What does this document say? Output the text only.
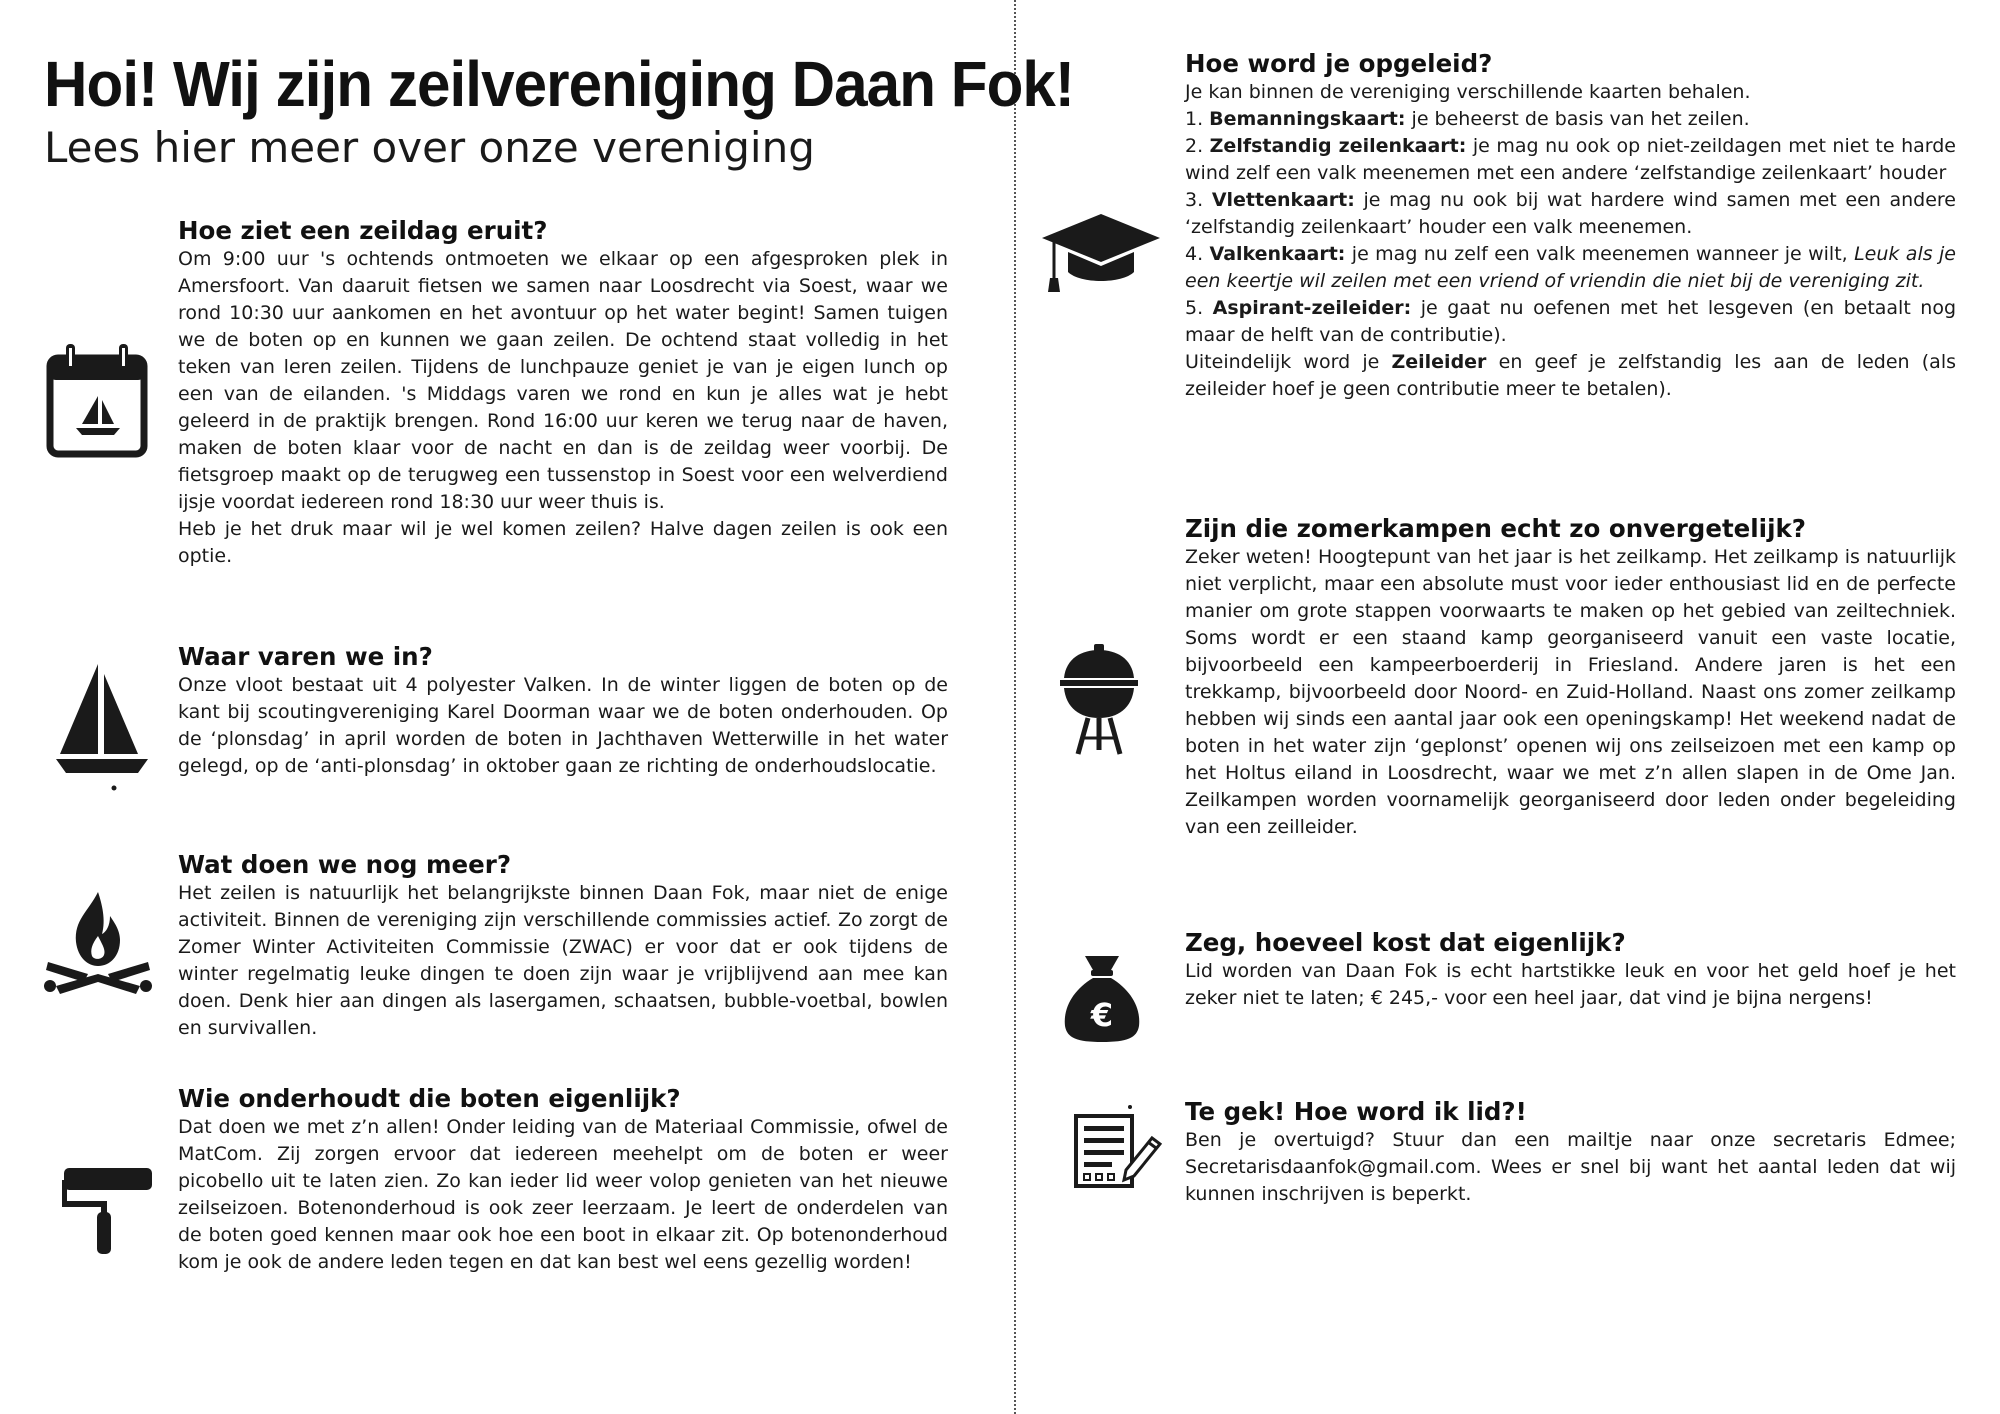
Hoi! Wij zijn zeilvereniging Daan Fok!
Lees hier meer over onze vereniging
Hoe ziet een zeildag eruit?

Om 9:00 uur 's ochtends ontmoeten we elkaar op een afgesproken plek in Amersfoort. Van daaruit fietsen we samen naar Loosdrecht via Soest, waar we rond 10:30 uur aankomen en het avontuur op het water begint! Samen tuigen we de boten op en kunnen we gaan zeilen. De ochtend staat volledig in het teken van leren zeilen. Tijdens de lunchpauze geniet je van je eigen lunch op een van de eilanden. 's Middags varen we rond en kun je alles wat je hebt geleerd in de praktijk brengen. Rond 16:00 uur keren we terug naar de haven, maken de boten klaar voor de nacht en dan is de zeildag weer voorbij. De fietsgroep maakt op de terugweg een tussenstop in Soest voor een welverdiend ijsje voordat iedereen rond 18:30 uur weer thuis is.

Heb je het druk maar wil je wel komen zeilen? Halve dagen zeilen is ook een optie.

Waar varen we in?

Onze vloot bestaat uit 4 polyester Valken. In de winter liggen de boten op de kant bij scoutingvereniging Karel Doorman waar we de boten onderhouden. Op de ‘plonsdag’ in april worden de boten in Jachthaven Wetterwille in het water gelegd, op de ‘anti-plonsdag’ in oktober gaan ze richting de onderhoudslocatie.

Wat doen we nog meer?

Het zeilen is natuurlijk het belangrijkste binnen Daan Fok, maar niet de enige activiteit. Binnen de vereniging zijn verschillende commissies actief. Zo zorgt de Zomer Winter Activiteiten Commissie (ZWAC) er voor dat er ook tijdens de winter regelmatig leuke dingen te doen zijn waar je vrijblijvend aan mee kan doen. Denk hier aan dingen als lasergamen, schaatsen, bubble-voetbal, bowlen en survivallen.

Wie onderhoudt die boten eigenlijk?

Dat doen we met z’n allen! Onder leiding van de Materiaal Commissie, ofwel de MatCom. Zij zorgen ervoor dat iedereen meehelpt om de boten er weer picobello uit te laten zien. Zo kan ieder lid weer volop genieten van het nieuwe zeilseizoen. Botenonderhoud is ook zeer leerzaam. Je leert de onderdelen van de boten goed kennen maar ook hoe een boot in elkaar zit. Op botenonderhoud kom je ook de andere leden tegen en dat kan best wel eens gezellig worden!

Hoe word je opgeleid?

Je kan binnen de vereniging verschillende kaarten behalen.

1. Bemanningskaart: je beheerst de basis van het zeilen.

2. Zelfstandig zeilenkaart: je mag nu ook op niet-zeildagen met niet te harde wind zelf een valk meenemen met een andere ‘zelfstandige zeilenkaart’ houder

3. Vlettenkaart: je mag nu ook bij wat hardere wind samen met een andere ‘zelfstandig zeilenkaart’ houder een valk meenemen.

4. Valkenkaart: je mag nu zelf een valk meenemen wanneer je wilt, Leuk als je een keertje wil zeilen met een vriend of vriendin die niet bij de vereniging zit.

5. Aspirant-zeileider: je gaat nu oefenen met het lesgeven (en betaalt nog maar de helft van de contributie).

Uiteindelijk word je Zeileider en geef je zelfstandig les aan de leden (als zeileider hoef je geen contributie meer te betalen).

Zijn die zomerkampen echt zo onvergetelijk?

Zeker weten! Hoogtepunt van het jaar is het zeilkamp. Het zeilkamp is natuurlijk niet verplicht, maar een absolute must voor ieder enthousiast lid en de perfecte manier om grote stappen voorwaarts te maken op het gebied van zeiltechniek. Soms wordt er een staand kamp georganiseerd vanuit een vaste locatie, bijvoorbeeld een kampeerboerderij in Friesland. Andere jaren is het een trekkamp, bijvoorbeeld door Noord- en Zuid-Holland. Naast ons zomer zeilkamp hebben wij sinds een aantal jaar ook een openingskamp! Het weekend nadat de boten in het water zijn ‘geplonst’ openen wij ons zeilseizoen met een kamp op het Holtus eiland in Loosdrecht, waar we met z’n allen slapen in de Ome Jan. Zeilkampen worden voornamelijk georganiseerd door leden onder begeleiding van een zeilleider.

€
Zeg, hoeveel kost dat eigenlijk?

Lid worden van Daan Fok is echt hartstikke leuk en voor het geld hoef je het zeker niet te laten; € 245,- voor een heel jaar, dat vind je bijna nergens!

Te gek! Hoe word ik lid?!

Ben je overtuigd? Stuur dan een mailtje naar onze secretaris Edmee; Secretarisdaanfok@gmail.com. Wees er snel bij want het aantal leden dat wij kunnen inschrijven is beperkt.
